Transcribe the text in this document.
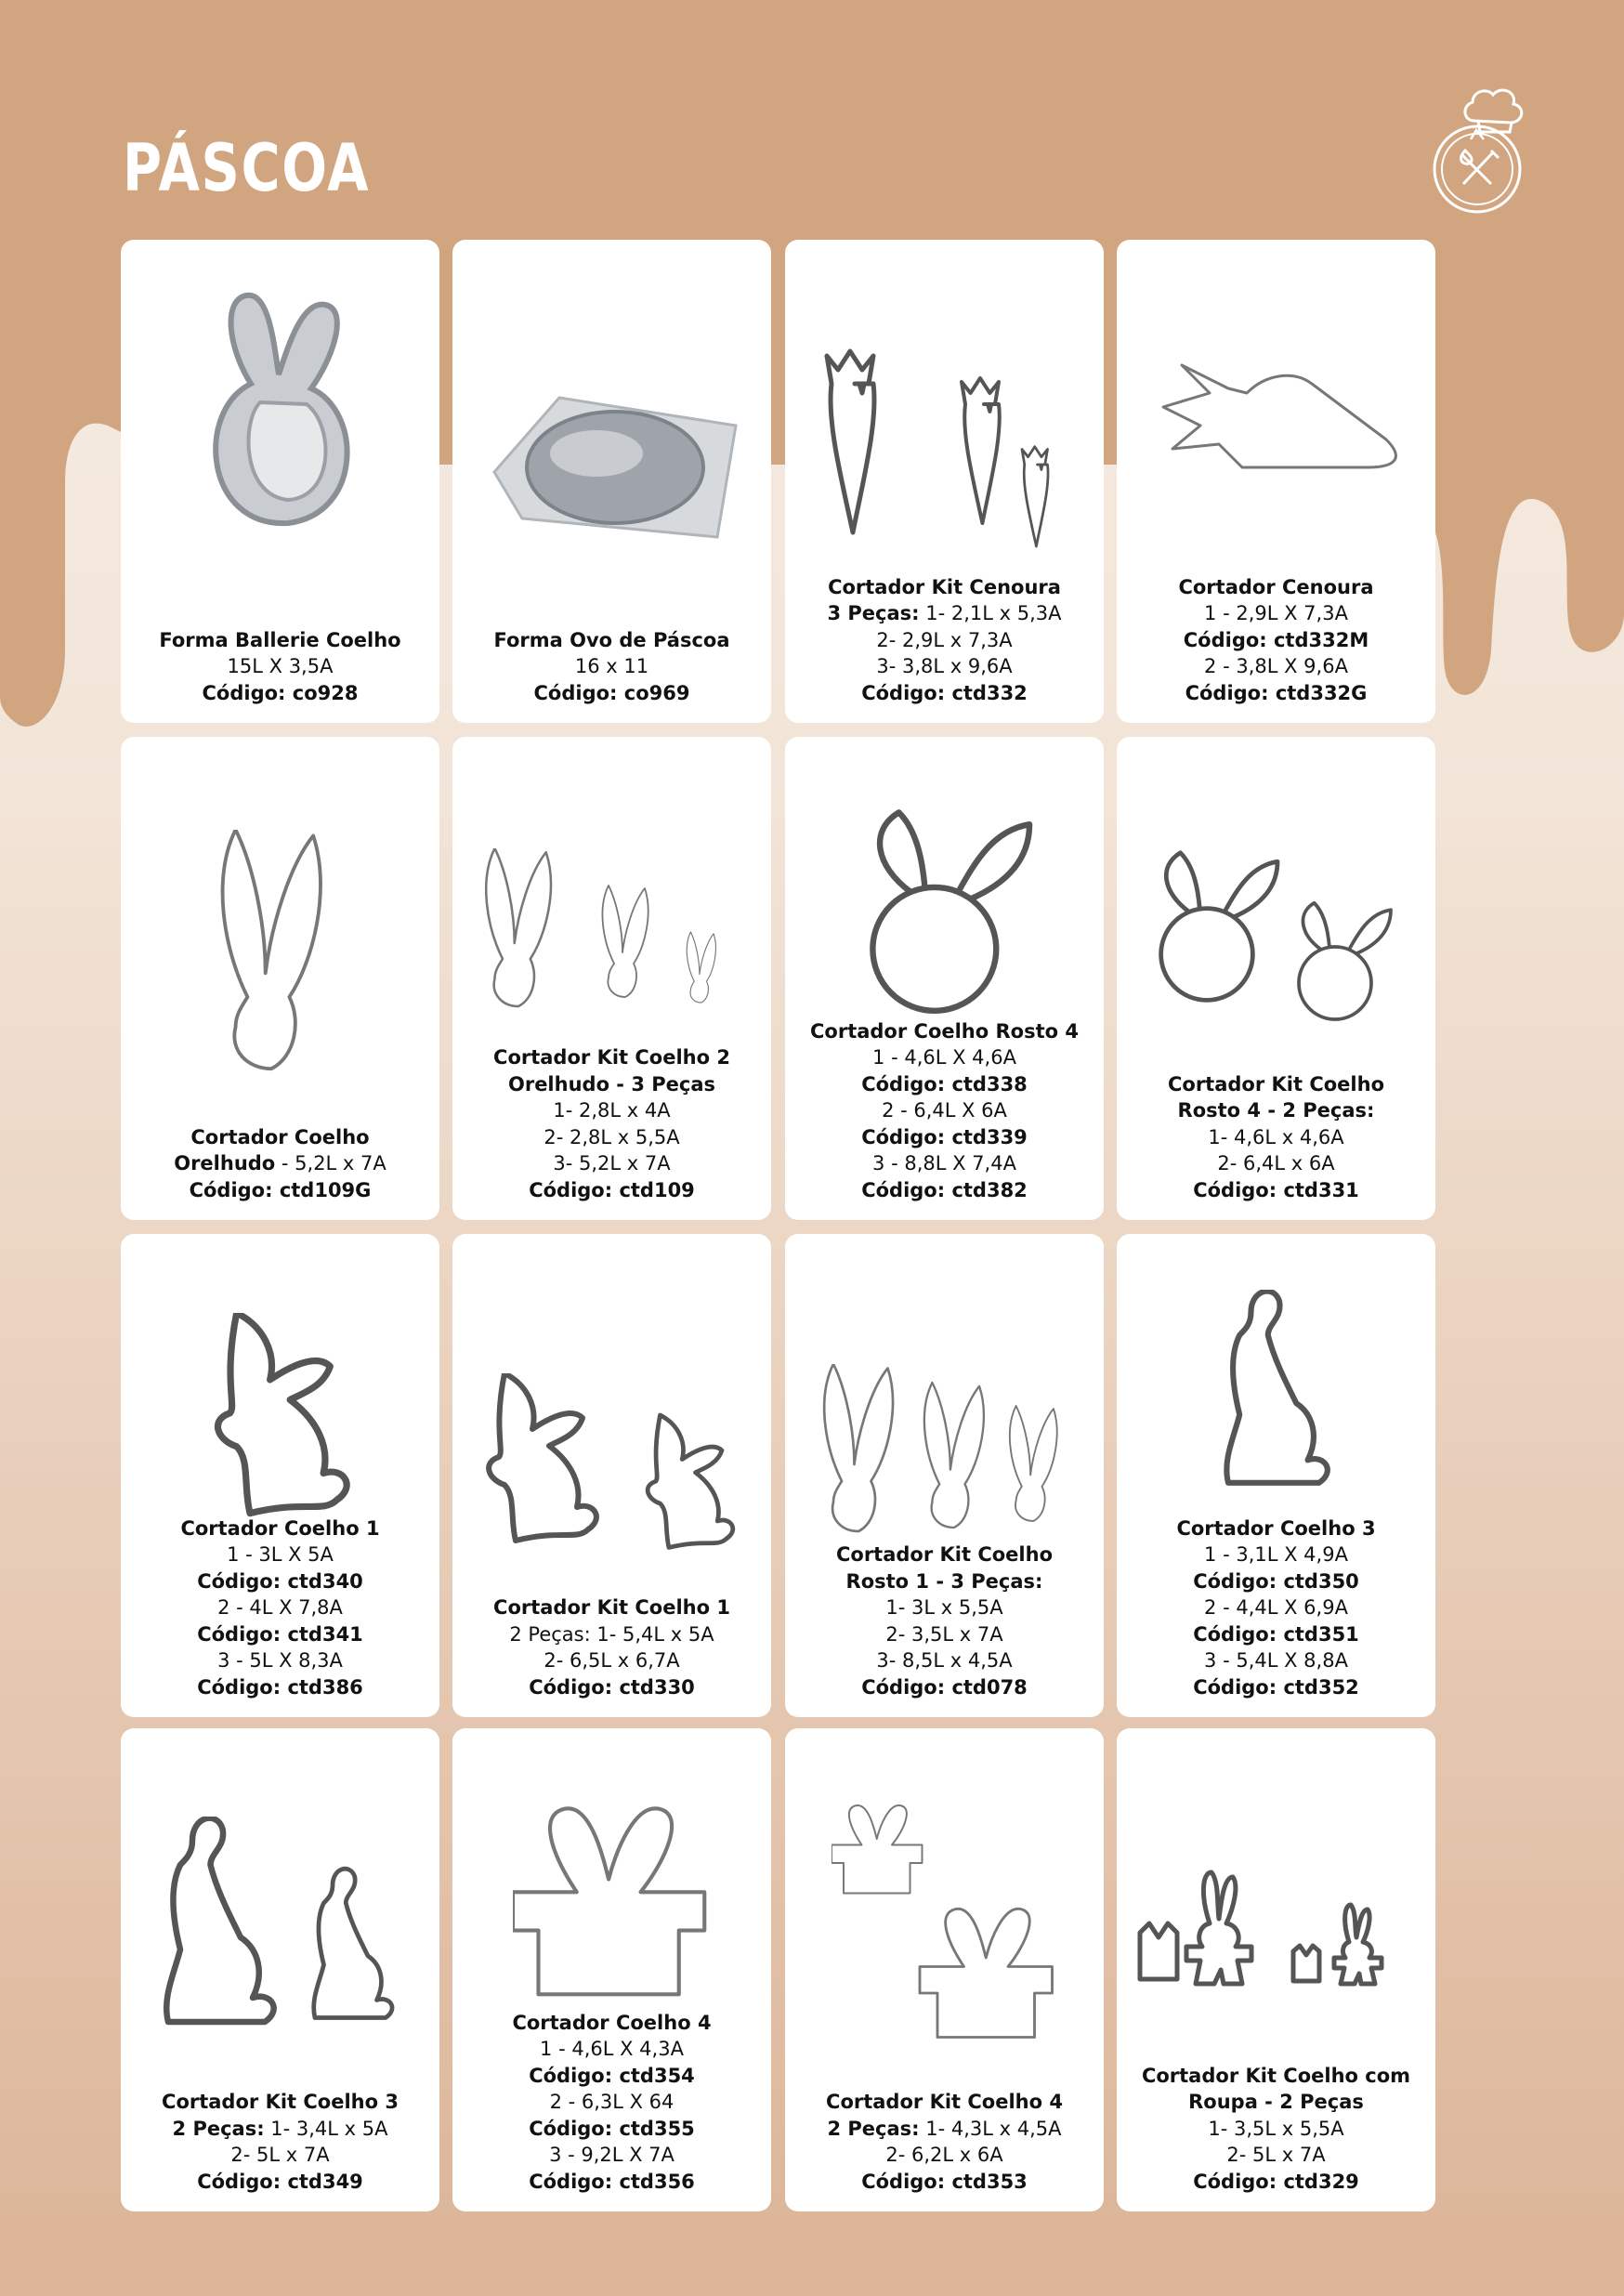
PÁSCOA
Forma Ballerie Coelho
15L X 3,5A
Código: co928
Forma Ovo de Páscoa
16 x 11
Código: co969
Cortador Kit Cenoura
3 Peças: 1- 2,1L x 5,3A
2- 2,9L x 7,3A
3- 3,8L x 9,6A
Código: ctd332
Cortador Cenoura
1 - 2,9L X 7,3A
Código: ctd332M
2 - 3,8L X 9,6A
Código: ctd332G
Cortador Coelho
Orelhudo - 5,2L x 7A
Código: ctd109G
Cortador Kit Coelho 2
Orelhudo - 3 Peças
1- 2,8L x 4A
2- 2,8L x 5,5A
3- 5,2L x 7A
Código: ctd109
Cortador Coelho Rosto 4
1 - 4,6L X 4,6A
Código: ctd338
2 - 6,4L X 6A
Código: ctd339
3 - 8,8L X 7,4A
Código: ctd382
Cortador Kit Coelho
Rosto 4 - 2 Peças:
1- 4,6L x 4,6A
2- 6,4L x 6A
Código: ctd331
Cortador Coelho 1
1 - 3L X 5A
Código: ctd340
2 - 4L X 7,8A
Código: ctd341
3 - 5L X 8,3A
Código: ctd386
Cortador Kit Coelho 1
2 Peças: 1- 5,4L x 5A
2- 6,5L x 6,7A
Código: ctd330
Cortador Kit Coelho
Rosto 1 - 3 Peças:
1- 3L x 5,5A
2- 3,5L x 7A
3- 8,5L x 4,5A
Código: ctd078
Cortador Coelho 3
1 - 3,1L X 4,9A
Código: ctd350
2 - 4,4L X 6,9A
Código: ctd351
3 - 5,4L X 8,8A
Código: ctd352
Cortador Kit Coelho 3
2 Peças: 1- 3,4L x 5A
2- 5L x 7A
Código: ctd349
Cortador Coelho 4
1 - 4,6L X 4,3A
Código: ctd354
2 - 6,3L X 64
Código: ctd355
3 - 9,2L X 7A
Código: ctd356
Cortador Kit Coelho 4
2 Peças: 1- 4,3L x 4,5A
2- 6,2L x 6A
Código: ctd353
Cortador Kit Coelho com
Roupa - 2 Peças
1- 3,5L x 5,5A
2- 5L x 7A
Código: ctd329
